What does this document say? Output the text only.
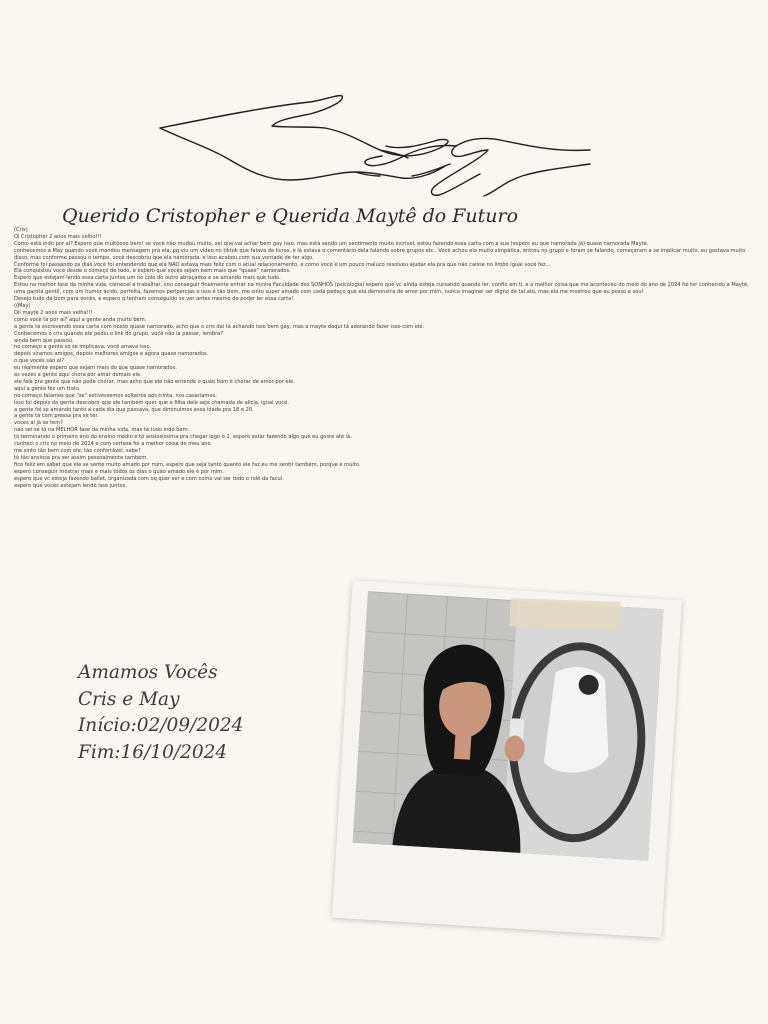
Querido Cristopher e Querida Maytê do Futuro
(Cris)
Oi Cristopher 2 anos mais velho!!!
Como está indo por aí? Espero que muitoooo bem! se você não mudou muito, sei que vai achar bem gay isso, mas está sendo um sentimento muito incrível, estou fazendo essa carta com a sua (espero eu que namorada já) quase namorada Maytê.
conhecemos a May quando você mandou mensagem pra ela, pq viu um vídeo no tiktok que falava de livros, e lá estava o comentário dela falando sobre grupos etc.. Você achou ela muito simpática, entrou no grupo e foram se falando, começaram a se implicar muito, eu gostava muito disso, mas conforme passou o tempo, você descobriu que ela namorada, e isso acabou com sua vontade de ter algo.
Conforme foi passando os dias você foi entendendo que ela NÃO estava mais feliz com o atual relacionamento, e como você é um pouco maluco resolveu ajudar ela pra que não caísse no limbo igual você fez...
Ela conquistou você desde o começo de tudo, e espero que vocês sejam bem mais que "quase" namorados.
Espero que estejam lendo essa carta juntos um no colo do outro abraçados e se amando mais que tudo.
Estou na melhor fase da minha vida, comecei a trabalhar, vou conseguir finalmente entrar na minha Faculdade dos SONHOS (psicologia) espero que vc ainda esteja cursando quando ler, confio em ti, e a melhor coisa que me aconteceu do meio do ano de 2024 foi ter conhecido a Maytê, uma garota gentil, com um humor ácido, perfeita, fazemos peripercias e isso é tão bom, me sinto super amado com cada pedaço que ela demonstra de amor por mim, nunca imaginei ser digno de tal ato, mas ela me mostrou que eu posso e sou!
Desejo tudo de bom para vocês, e espero q tenham conseguido se ver antes mesmo de poder ler essa carta!
((May)
Oii maytê 2 anos mais velha!!!
como você tá por aí? aqui a gente anda muito bem.
a gente tá escrevendo essa carta com nosso quase namorado, acho que o cris daí tá achando isso bem gay, mas a mayte daqui tá adorando fazer isso com ele.
Conhecemos o cris quando ele pediu o link do grupo, você não ia passar, lembra?
ainda bem que passou.
no começo a gente só se implicava, você amava isso.
depois viramos amigos, depois melhores amigos e agora quase namorados.
o que vocês são aí?
eu realmente espero que sejam mais do que quase namorados.
as vezes a gente aqui chora por amar demais ele.
ele fala pra gente que não pode chorar, mas acho que ele não entende o quão bom é chorar de amor por ele.
aqui a gente fez um trato.
no começo falamos que "se" estivéssemos solteiros aos trinta, nos casaríamos.
isso foi depois da gente descobrir que ele também quer que a filha dele seja chamada de alícia, igual você.
a gente foi se amando tanto a cada dia que passava, que diminuímos essa idade pra 18 e 20.
a gente tá com pressa pra se ter.
voces aí já se tem?
não sei se tô na MELHOR fase da minha vida, mas tá tudo indo bem.
tô terminando o primeiro ano do ensino médio e tô ansiosíssima pra chegar logo o 2, espero estar fazendo algo que eu goste até lá.
conheci o cris no meio de 2024 e com certeza foi a melhor coisa do meu ano.
me sinto tão bem com ele, tão confortável, sabe?
tô tão ansiosa pra ser assim pessoalmente também.
fico feliz em saber que ele se sente muito amado por mim, espero que seja tanto quanto ele faz eu me sentir também, porque é muito.
espero conseguir mostrar mais e mais todos os dias o quão amado ele é por mim.
espero que vc esteja fazendo ballet, organizada com oq quer ser e com como vai ser todo o rolê da facul.
espero que vocês estejam lendo isso juntos.
Amamos Vocês
Cris e May
Início:02/09/2024
Fim:16/10/2024
